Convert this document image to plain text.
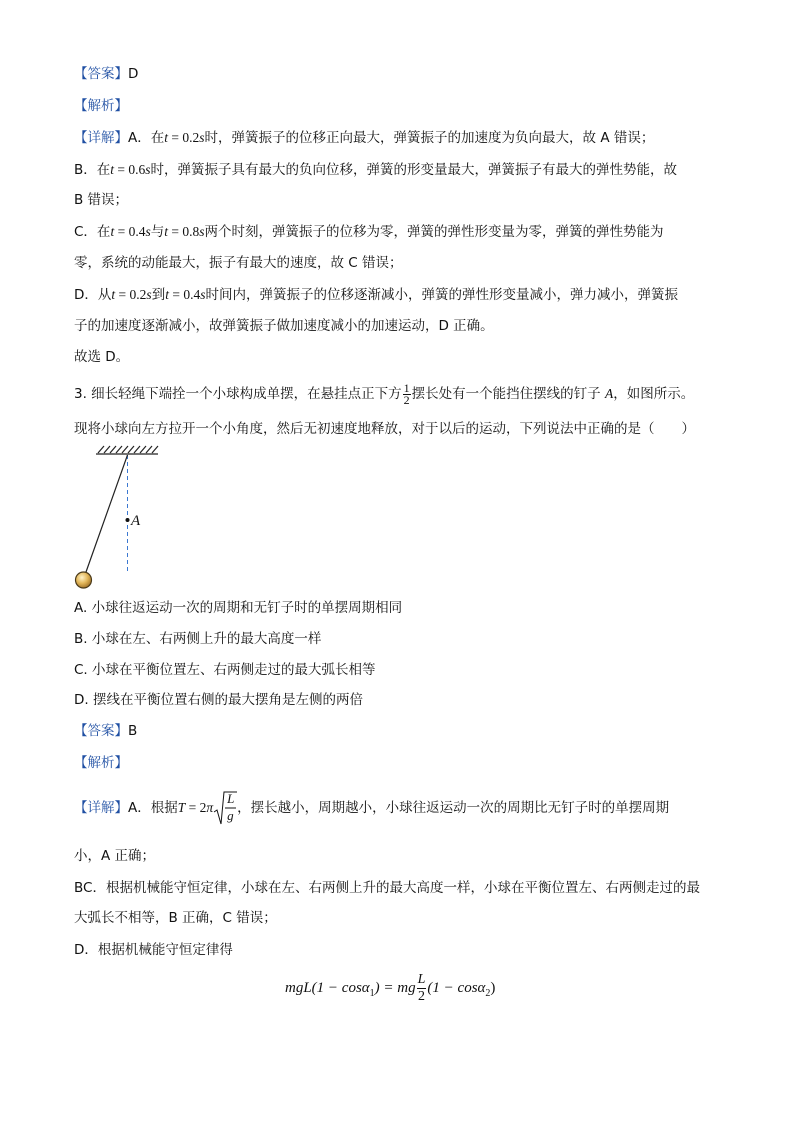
【答案】D
【解析】
【详解】A．在t = 0.2s时，弹簧振子的位移正向最大，弹簧振子的加速度为负向最大，故 A 错误；
B．在t = 0.6s时，弹簧振子具有最大的负向位移，弹簧的形变量最大，弹簧振子有最大的弹性势能，故
B 错误；
C．在t = 0.4s与t = 0.8s两个时刻，弹簧振子的位移为零，弹簧的弹性形变量为零，弹簧的弹性势能为
零，系统的动能最大，振子有最大的速度，故 C 错误；
D．从t = 0.2s到t = 0.4s时间内，弹簧振子的位移逐渐减小，弹簧的弹性形变量减小，弹力减小，弹簧振
子的加速度逐渐减小，故弹簧振子做加速度减小的加速运动，D 正确。
故选 D。
3. 细长轻绳下端拴一个小球构成单摆，在悬挂点正下方 $\frac{1}{2}$ 摆长处有一个能挡住摆线的钉子 A，如图所示。
现将小球向左方拉开一个小角度，然后无初速度地释放，对于以后的运动，下列说法中正确的是（　　）
A
A. 小球往返运动一次的周期和无钉子时的单摆周期相同
B. 小球在左、右两侧上升的最大高度一样
C. 小球在平衡位置左、右两侧走过的最大弧长相等
D. 摆线在平衡位置右侧的最大摆角是左侧的两倍
【答案】B
【解析】
【详解】A．根据T = 2π
L
g ，摆长越小，周期越小，小球往返运动一次的周期比无钉子时的单摆周期
小，A 正确；
BC．根据机械能守恒定律，小球在左、右两侧上升的最大高度一样，小球在平衡位置左、右两侧走过的最
大弧长不相等，B 正确，C 错误；
D．根据机械能守恒定律得
mgL(1 − cosα$_1$) = mg $\frac{L}{2} (1 - \cos\alpha_2)$
